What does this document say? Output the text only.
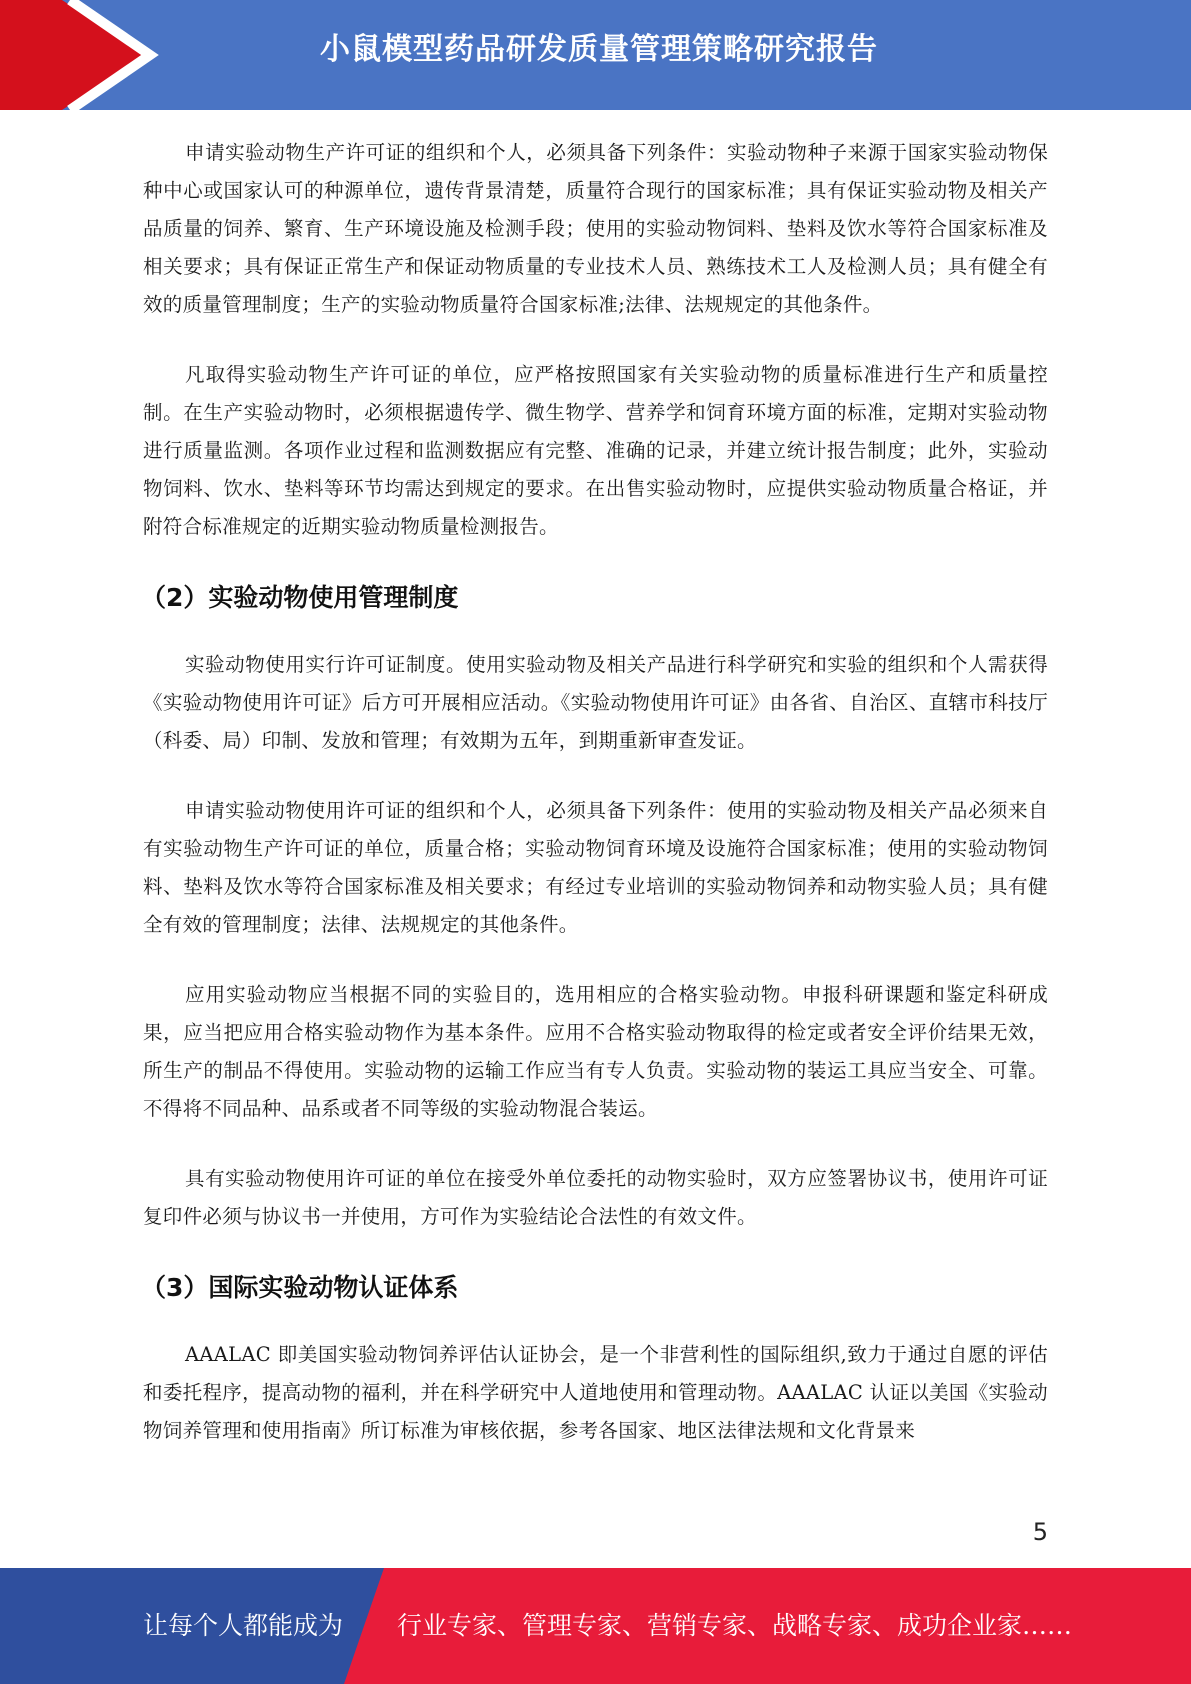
小鼠模型药品研发质量管理策略研究报告

申请实验动物生产许可证的组织和个人，必须具备下列条件：实验动物种子来源于国家实验动物保种中心或国家认可的种源单位，遗传背景清楚，质量符合现行的国家标准；具有保证实验动物及相关产品质量的饲养、繁育、生产环境设施及检测手段；使用的实验动物饲料、垫料及饮水等符合国家标准及相关要求；具有保证正常生产和保证动物质量的专业技术人员、熟练技术工人及检测人员；具有健全有效的质量管理制度；生产的实验动物质量符合国家标准;法律、法规规定的其他条件。

凡取得实验动物生产许可证的单位，应严格按照国家有关实验动物的质量标准进行生产和质量控制。在生产实验动物时，必须根据遗传学、微生物学、营养学和饲育环境方面的标准，定期对实验动物进行质量监测。各项作业过程和监测数据应有完整、准确的记录，并建立统计报告制度；此外，实验动物饲料、饮水、垫料等环节均需达到规定的要求。在出售实验动物时，应提供实验动物质量合格证，并附符合标准规定的近期实验动物质量检测报告。

（2）实验动物使用管理制度

实验动物使用实行许可证制度。使用实验动物及相关产品进行科学研究和实验的组织和个人需获得《实验动物使用许可证》后方可开展相应活动。《实验动物使用许可证》由各省、自治区、直辖市科技厅（科委、局）印制、发放和管理；有效期为五年，到期重新审查发证。

申请实验动物使用许可证的组织和个人，必须具备下列条件：使用的实验动物及相关产品必须来自有实验动物生产许可证的单位，质量合格；实验动物饲育环境及设施符合国家标准；使用的实验动物饲料、垫料及饮水等符合国家标准及相关要求；有经过专业培训的实验动物饲养和动物实验人员；具有健全有效的管理制度；法律、法规规定的其他条件。

应用实验动物应当根据不同的实验目的，选用相应的合格实验动物。申报科研课题和鉴定科研成果，应当把应用合格实验动物作为基本条件。应用不合格实验动物取得的检定或者安全评价结果无效，所生产的制品不得使用。实验动物的运输工作应当有专人负责。实验动物的装运工具应当安全、可靠。不得将不同品种、品系或者不同等级的实验动物混合装运。

具有实验动物使用许可证的单位在接受外单位委托的动物实验时，双方应签署协议书，使用许可证复印件必须与协议书一并使用，方可作为实验结论合法性的有效文件。

（3）国际实验动物认证体系

AAALAC 即美国实验动物饲养评估认证协会，是一个非营利性的国际组织,致力于通过自愿的评估和委托程序，提高动物的福利，并在科学研究中人道地使用和管理动物。AAALAC 认证以美国《实验动物饲养管理和使用指南》所订标准为审核依据，参考各国家、地区法律法规和文化背景来

5
让每个人都能成为 行业专家、管理专家、营销专家、战略专家、成功企业家……
